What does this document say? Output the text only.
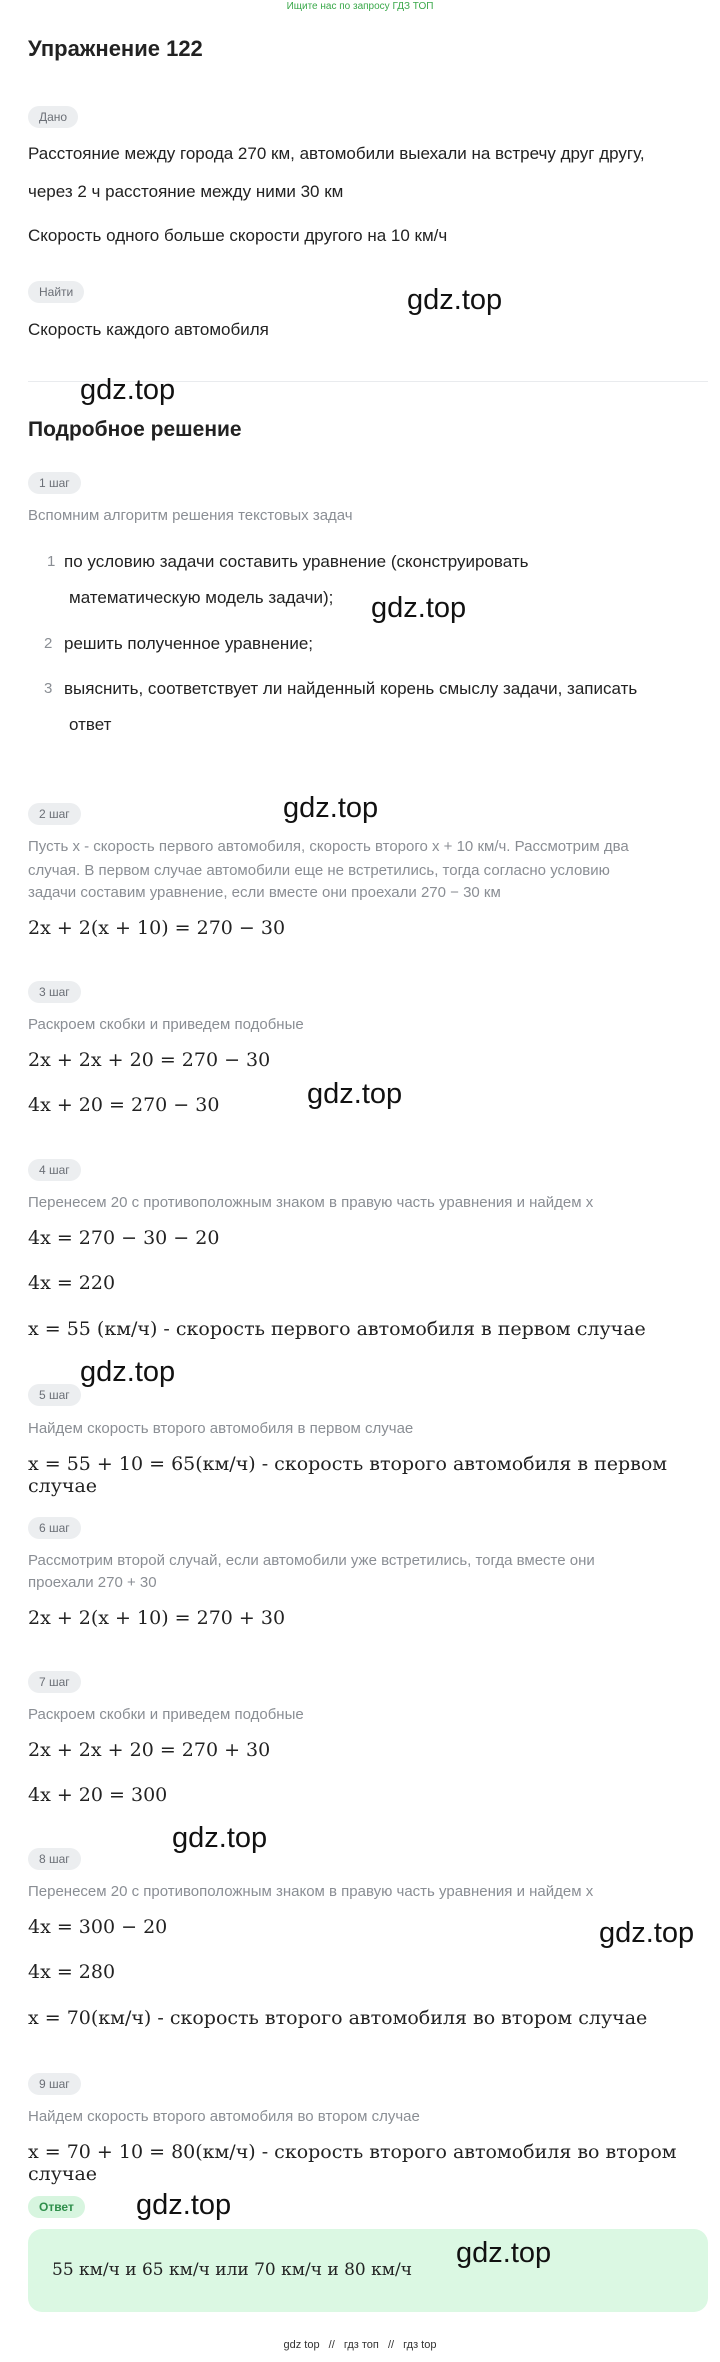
Ищите нас по запросу ГДЗ ТОП
Упражнение 122
Дано
Расстояние между города 270 км, автомобили выехали на встречу друг другу,
через 2 ч расстояние между ними 30 км
Скорость одного больше скорости другого на 10 км/ч
Найти
Скорость каждого автомобиля
Подробное решение
1 шаг
Вспомним алгоритм решения текстовых задач
1 по условию задачи составить уравнение (сконструировать
математическую модель задачи);
2 решить полученное уравнение;
3 выяснить, соответствует ли найденный корень смыслу задачи, записать
ответ
2 шаг
Пусть x - скорость первого автомобиля, скорость второго x + 10 км/ч. Рассмотрим два
случая. В первом случае автомобили еще не встретились, тогда согласно условию
задачи составим уравнение, если вместе они проехали 270 − 30 км
2x + 2(x + 10) = 270 − 30
3 шаг
Раскроем скобки и приведем подобные
2x + 2x + 20 = 270 − 30
4x + 20 = 270 − 30
4 шаг
Перенесем 20 с противоположным знаком в правую часть уравнения и найдем x
4x = 270 − 30 − 20
4x = 220
x = 55 (км/ч) - скорость первого автомобиля в первом случае
5 шаг
Найдем скорость второго автомобиля в первом случае
x = 55 + 10 = 65(км/ч) - скорость второго автомобиля в первом случае
6 шаг
Рассмотрим второй случай, если автомобили уже встретились, тогда вместе они
проехали 270 + 30
2x + 2(x + 10) = 270 + 30
7 шаг
Раскроем скобки и приведем подобные
2x + 2x + 20 = 270 + 30
4x + 20 = 300
8 шаг
Перенесем 20 с противоположным знаком в правую часть уравнения и найдем x
4x = 300 − 20
4x = 280
x = 70(км/ч) - скорость второго автомобиля во втором случае
9 шаг
Найдем скорость второго автомобиля во втором случае
x = 70 + 10 = 80(км/ч) - скорость второго автомобиля во втором случае
Ответ
55 км/ч и 65 км/ч или 70 км/ч и 80 км/ч
gdz.top
gdz.top
gdz.top
gdz.top
gdz.top
gdz.top
gdz.top
gdz.top
gdz.top
gdz.top
gdz top // гдз топ // гдз top
